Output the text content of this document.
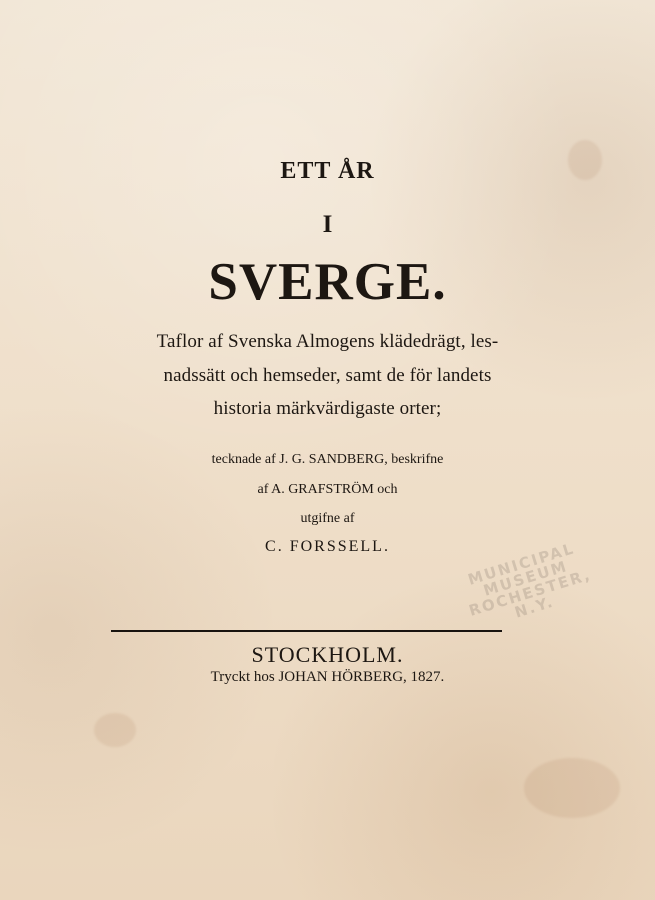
ETT ÅR
I
SVERGE.
Taflor af Svenska Almogens klädedrägt, les-
nadssätt och hemseder, samt de för landets
historia märkvärdigaste orter;
tecknade af J. G. SANDBERG, beskrifne
af A. GRAFSTRÖM och
utgifne af
C. FORSSELL.
STOCKHOLM.
Tryckt hos JOHAN HÖRBERG, 1827.
MUNICIPAL MUSEUM ROCHESTER, N.Y.
